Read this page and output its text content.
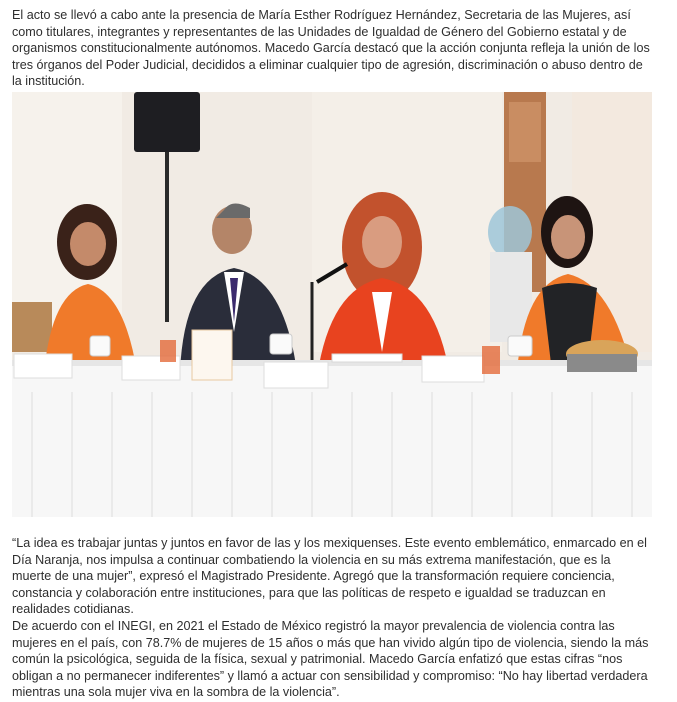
El acto se llevó a cabo ante la presencia de María Esther Rodríguez Hernández, Secretaria de las Mujeres, así como titulares, integrantes y representantes de las Unidades de Igualdad de Género del Gobierno estatal y de organismos constitucionalmente autónomos. Macedo García destacó que la acción conjunta refleja la unión de los tres órganos del Poder Judicial, decididos a eliminar cualquier tipo de agresión, discriminación o abuso dentro de la institución.

“La idea es trabajar juntas y juntos en favor de las y los mexiquenses. Este evento emblemático, enmarcado en el Día Naranja, nos impulsa a continuar combatiendo la violencia en su más extrema manifestación, que es la muerte de una mujer”, expresó el Magistrado Presidente. Agregó que la transformación requiere conciencia, constancia y colaboración entre instituciones, para que las políticas de respeto e igualdad se traduzcan en realidades cotidianas.

De acuerdo con el INEGI, en 2021 el Estado de México registró la mayor prevalencia de violencia contra las mujeres en el país, con 78.7% de mujeres de 15 años o más que han vivido algún tipo de violencia, siendo la más común la psicológica, seguida de la física, sexual y patrimonial. Macedo García enfatizó que estas cifras “nos obligan a no permanecer indiferentes” y llamó a actuar con sensibilidad y compromiso: “No hay libertad verdadera mientras una sola mujer viva en la sombra de la violencia”.
